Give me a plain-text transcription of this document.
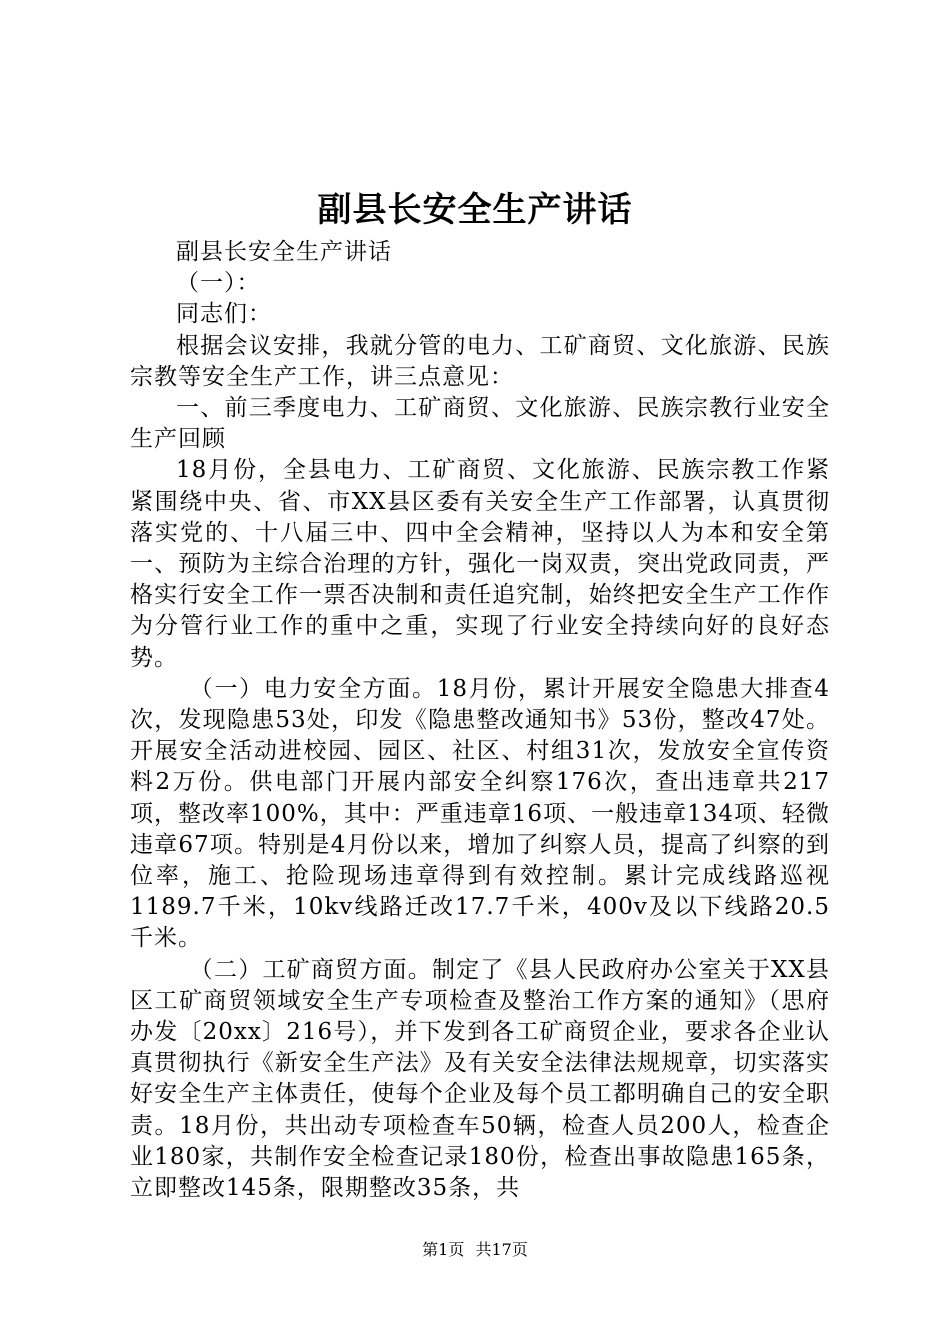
副县长安全生产讲话

副县长安全生产讲话

（一）：

同志们：

根据会议安排，我就分管的电力、工矿商贸、文化旅游、民族宗教等安全生产工作，讲三点意见：

一、前三季度电力、工矿商贸、文化旅游、民族宗教行业安全生产回顾

18月份，全县电力、工矿商贸、文化旅游、民族宗教工作紧紧围绕中央、省、市XX县区委有关安全生产工作部署，认真贯彻落实党的、十八届三中、四中全会精神，坚持以人为本和安全第一、预防为主综合治理的方针，强化一岗双责，突出党政同责，严格实行安全工作一票否决制和责任追究制，始终把安全生产工作作为分管行业工作的重中之重，实现了行业安全持续向好的良好态势。

（一）电力安全方面。18月份，累计开展安全隐患大排查4次，发现隐患53处，印发《隐患整改通知书》53份，整改47处。开展安全活动进校园、园区、社区、村组31次，发放安全宣传资料2万份。供电部门开展内部安全纠察176次，查出违章共217项，整改率100%，其中：严重违章16项、一般违章134项、轻微违章67项。特别是4月份以来，增加了纠察人员，提高了纠察的到位率，施工、抢险现场违章得到有效控制。累计完成线路巡视1189.7千米，10kv线路迁改17.7千米，400v及以下线路20.5千米。

（二）工矿商贸方面。制定了《县人民政府办公室关于XX县区工矿商贸领域安全生产专项检查及整治工作方案的通知》（思府办发〔20xx〕216号），并下发到各工矿商贸企业，要求各企业认真贯彻执行《新安全生产法》及有关安全法律法规规章，切实落实好安全生产主体责任，使每个企业及每个员工都明确自己的安全职责。18月份，共出动专项检查车50辆，检查人员200人，检查企业180家，共制作安全检查记录180份，检查出事故隐患165条，立即整改145条，限期整改35条，共

第1页 共17页
